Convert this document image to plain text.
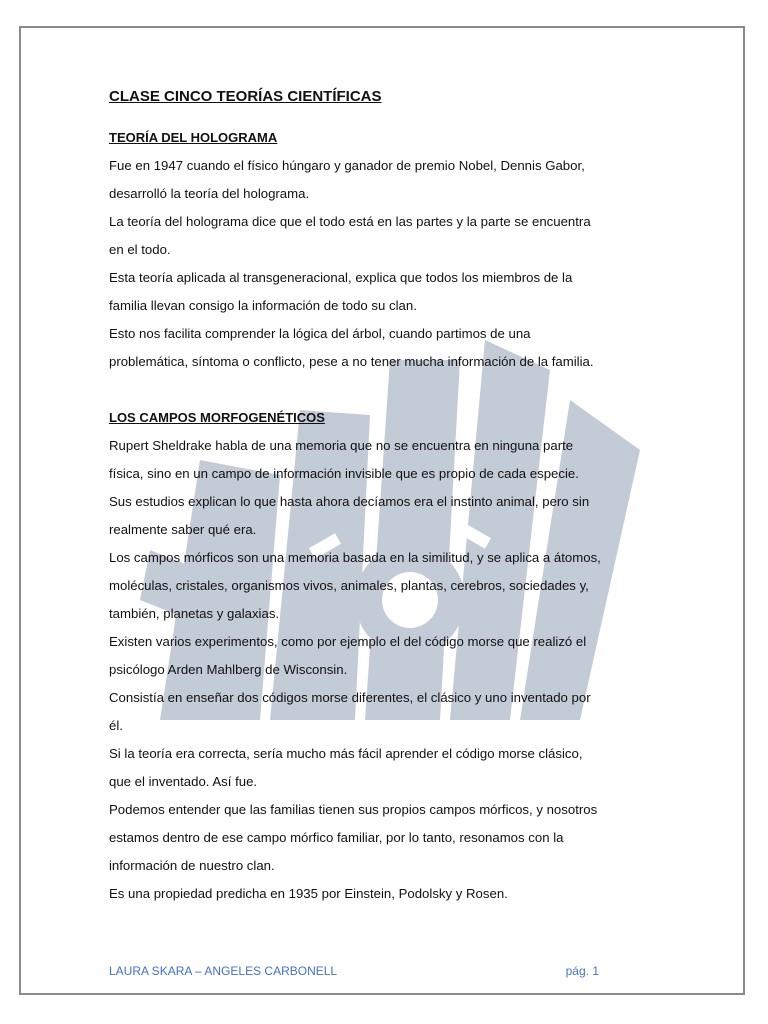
CLASE CINCO TEORÍAS CIENTÍFICAS

TEORÍA DEL HOLOGRAMA

Fue en 1947 cuando el físico húngaro y ganador de premio Nobel, Dennis Gabor,

desarrolló la teoría del holograma.

La teoría del holograma dice que el todo está en las partes y la parte se encuentra

en el todo.

Esta teoría aplicada al transgeneracional, explica que todos los miembros de la

familia llevan consigo la información de todo su clan.

Esto nos facilita comprender la lógica del árbol, cuando partimos de una

problemática, síntoma o conflicto, pese a no tener mucha información de la familia.

LOS CAMPOS MORFOGENÉTICOS

Rupert Sheldrake habla de una memoria que no se encuentra en ninguna parte

física, sino en un campo de información invisible que es propio de cada especie.

Sus estudios explican lo que hasta ahora decíamos era el instinto animal, pero sin

realmente saber qué era.

Los campos mórficos son una memoria basada en la similitud, y se aplica a átomos,

moléculas, cristales, organismos vivos, animales, plantas, cerebros, sociedades y,

también, planetas y galaxias.

Existen varios experimentos, como por ejemplo el del código morse que realizó el

psicólogo Arden Mahlberg de Wisconsin.

Consistía en enseñar dos códigos morse diferentes, el clásico y uno inventado por

él.

Si la teoría era correcta, sería mucho más fácil aprender el código morse clásico,

que el inventado. Así fue.

Podemos entender que las familias tienen sus propios campos mórficos, y nosotros

estamos dentro de ese campo mórfico familiar, por lo tanto, resonamos con la

información de nuestro clan.

Es una propiedad predicha en 1935 por Einstein, Podolsky y Rosen.

LAURA SKARA – ANGELES CARBONELL	pág. 1
